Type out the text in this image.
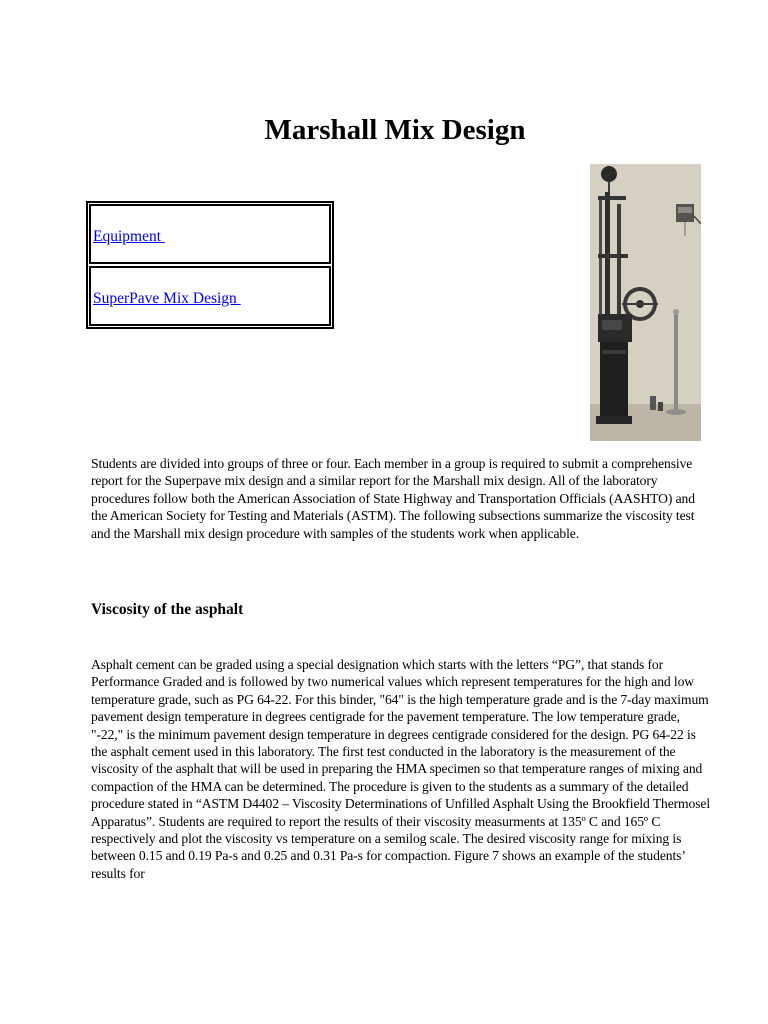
Marshall Mix Design
Equipment
SuperPave Mix Design

Students are divided into groups of three or four. Each member in a group is required to submit a comprehensive report for the Superpave mix design and a similar report for the Marshall mix design. All of the laboratory procedures follow both the American Association of State Highway and Transportation Officials (AASHTO) and the American Society for Testing and Materials (ASTM). The following subsections summarize the viscosity test and the Marshall mix design procedure with samples of the students work when applicable.

Viscosity of the asphalt

Asphalt cement can be graded using a special designation which starts with the letters “PG”, that stands for Performance Graded and is followed by two numerical values which represent temperatures for the high and low temperature grade, such as PG 64-22. For this binder, "64" is the high temperature grade and is the 7-day maximum pavement design temperature in degrees centigrade for the pavement temperature. The low temperature grade, "-22," is the minimum pavement design temperature in degrees centigrade considered for the design. PG 64-22 is the asphalt cement used in this laboratory. The first test conducted in the laboratory is the measurement of the viscosity of the asphalt that will be used in preparing the HMA specimen so that temperature ranges of mixing and compaction of the HMA can be determined. The procedure is given to the students as a summary of the detailed procedure stated in “ASTM D4402 – Viscosity Determinations of Unfilled Asphalt Using the Brookfield Thermosel Apparatus”. Students are required to report the results of their viscosity measurments at 135º C and 165º C respectively and plot the viscosity vs temperature on a semilog scale. The desired viscosity range for mixing is between 0.15 and 0.19 Pa-s and 0.25 and 0.31 Pa-s for compaction. Figure 7 shows an example of the students’ results for
